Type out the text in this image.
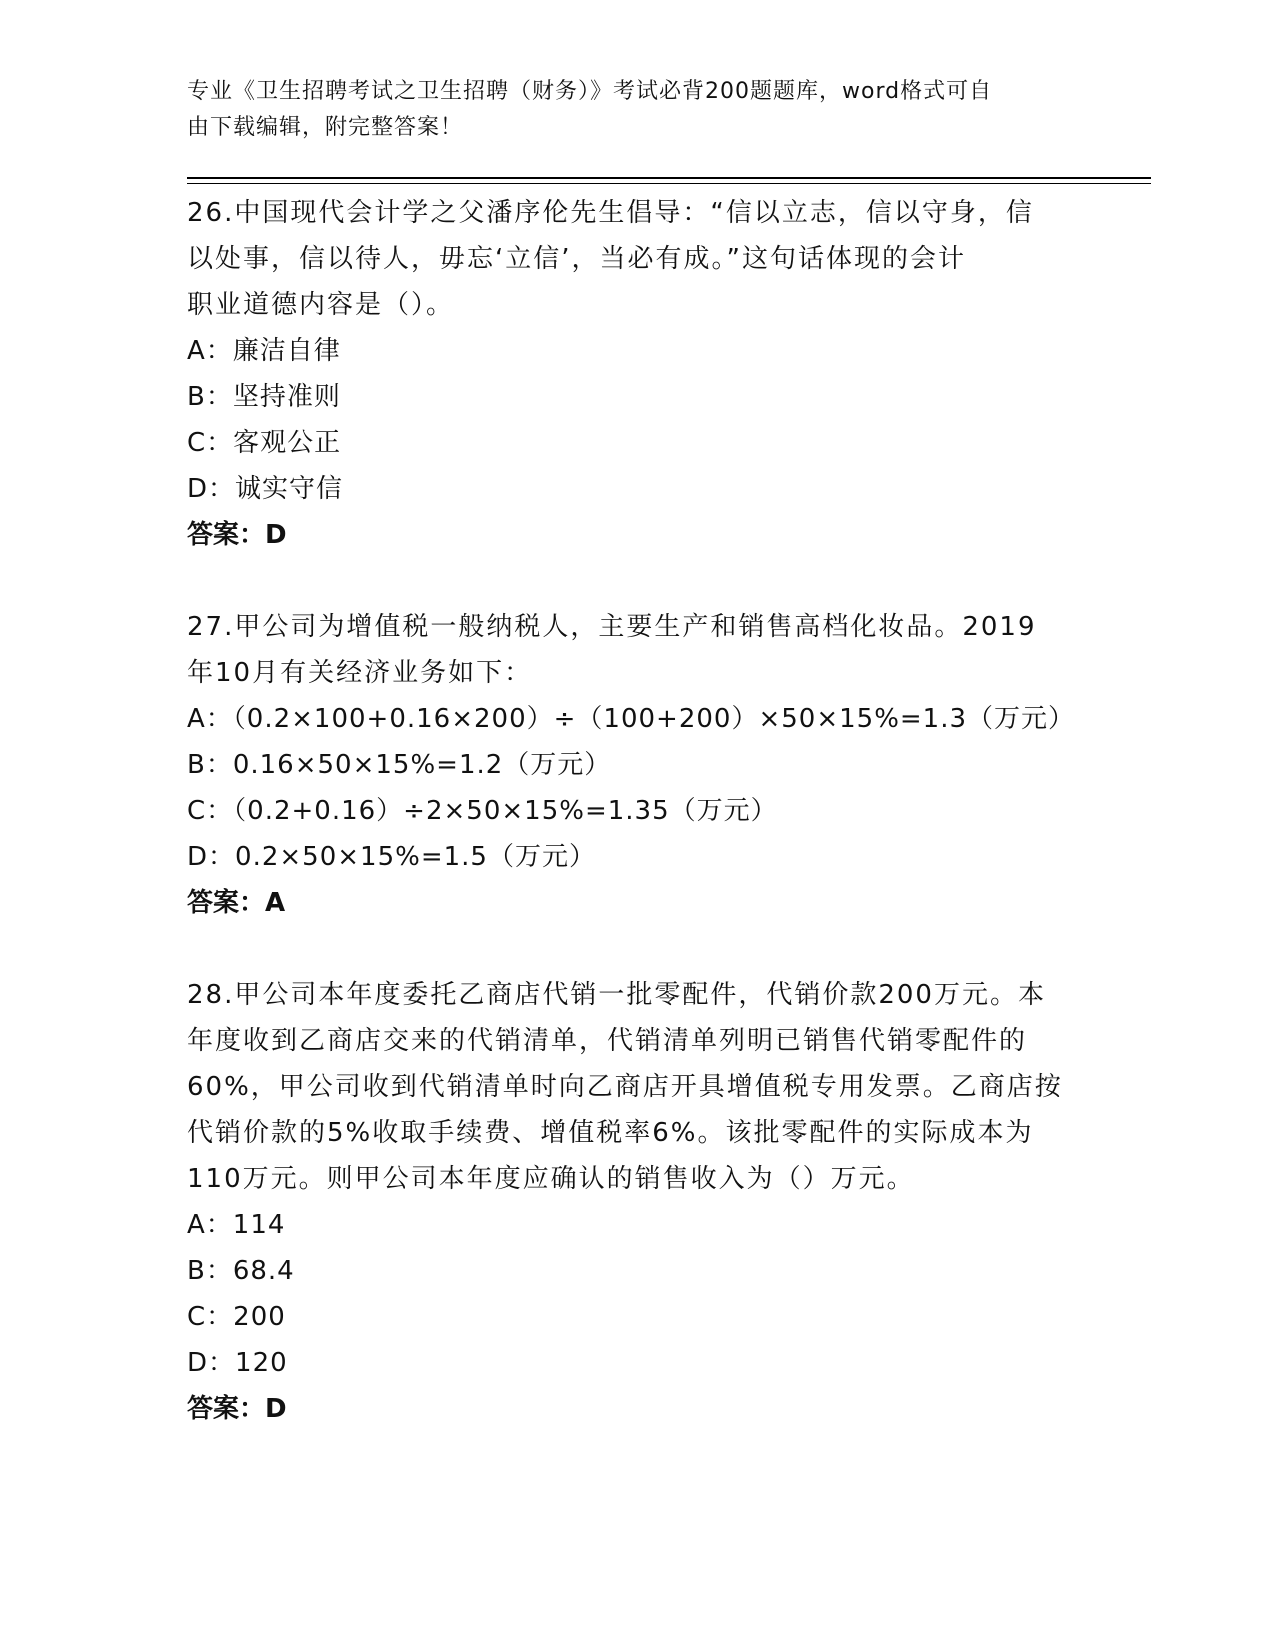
专业《卫生招聘考试之卫生招聘（财务）》考试必背200题题库，word格式可自
由下载编辑，附完整答案！
26.中国现代会计学之父潘序伦先生倡导：“信以立志，信以守身，信
以处事，信以待人，毋忘‘立信’，当必有成。”这句话体现的会计
职业道德内容是（）。
A：廉洁自律
B：坚持准则
C：客观公正
D：诚实守信
答案：D
27.甲公司为增值税一般纳税人，主要生产和销售高档化妆品。2019
年10月有关经济业务如下：
A：（0.2×100+0.16×200）÷（100+200）×50×15%=1.3（万元）
B：0.16×50×15%=1.2（万元）
C：（0.2+0.16）÷2×50×15%=1.35（万元）
D：0.2×50×15%=1.5（万元）
答案：A
28.甲公司本年度委托乙商店代销一批零配件，代销价款200万元。本
年度收到乙商店交来的代销清单，代销清单列明已销售代销零配件的
60%，甲公司收到代销清单时向乙商店开具增值税专用发票。乙商店按
代销价款的5%收取手续费、增值税率6%。该批零配件的实际成本为
110万元。则甲公司本年度应确认的销售收入为（）万元。
A：114
B：68.4
C：200
D：120
答案：D
